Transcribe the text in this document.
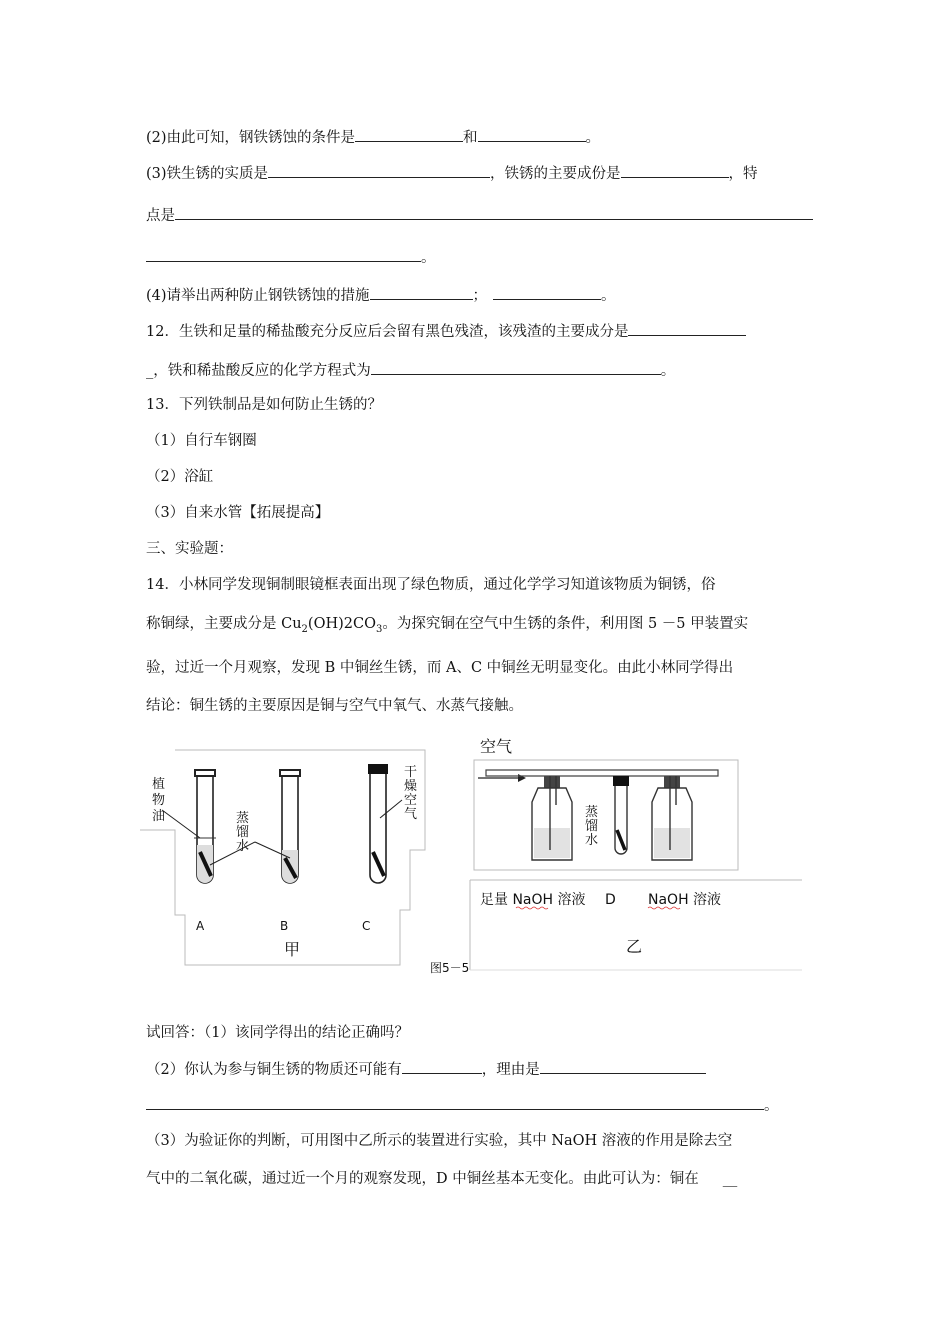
(2)由此可知，钢铁锈蚀的条件是	和	。
(3)铁生锈的实质是	，铁锈的主要成份是	，特
点是
。
(4)请举出两种防止钢铁锈蚀的措施	；	。
12．生铁和足量的稀盐酸充分反应后会留有黑色残渣，该残渣的主要成分是
_，铁和稀盐酸反应的化学方程式为	。
13．下列铁制品是如何防止生锈的？
（1）自行车钢圈
（2）浴缸
（3）自来水管【拓展提高】
三、实验题：
14．小林同学发现铜制眼镜框表面出现了绿色物质，通过化学学习知道该物质为铜锈，俗
称铜绿，主要成分是 $Cu_2(OH)2CO_3$。为探究铜在空气中生锈的条件，利用图 5 －5 甲装置实
验，过近一个月观察，发现 B 中铜丝生锈，而 A、C 中铜丝无明显变化。由此小林同学得出
结论：铜生锈的主要原因是铜与空气中氧气、水蒸气接触。
植
物
油	蒸
馏
水
干
燥
空
气
A	B	C
甲
空气
蒸
馏
水
足量 NaOH 溶液 D NaOH 溶液
乙
图5－5
试回答：（1）该同学得出的结论正确吗？
（2）你认为参与铜生锈的物质还可能有	，理由是
。
（3）为验证你的判断，可用图中乙所示的装置进行实验，其中 NaOH 溶液的作用是除去空
气中的二氧化碳，通过近一个月的观察发现，D 中铜丝基本无变化。由此可认为：铜在 __
